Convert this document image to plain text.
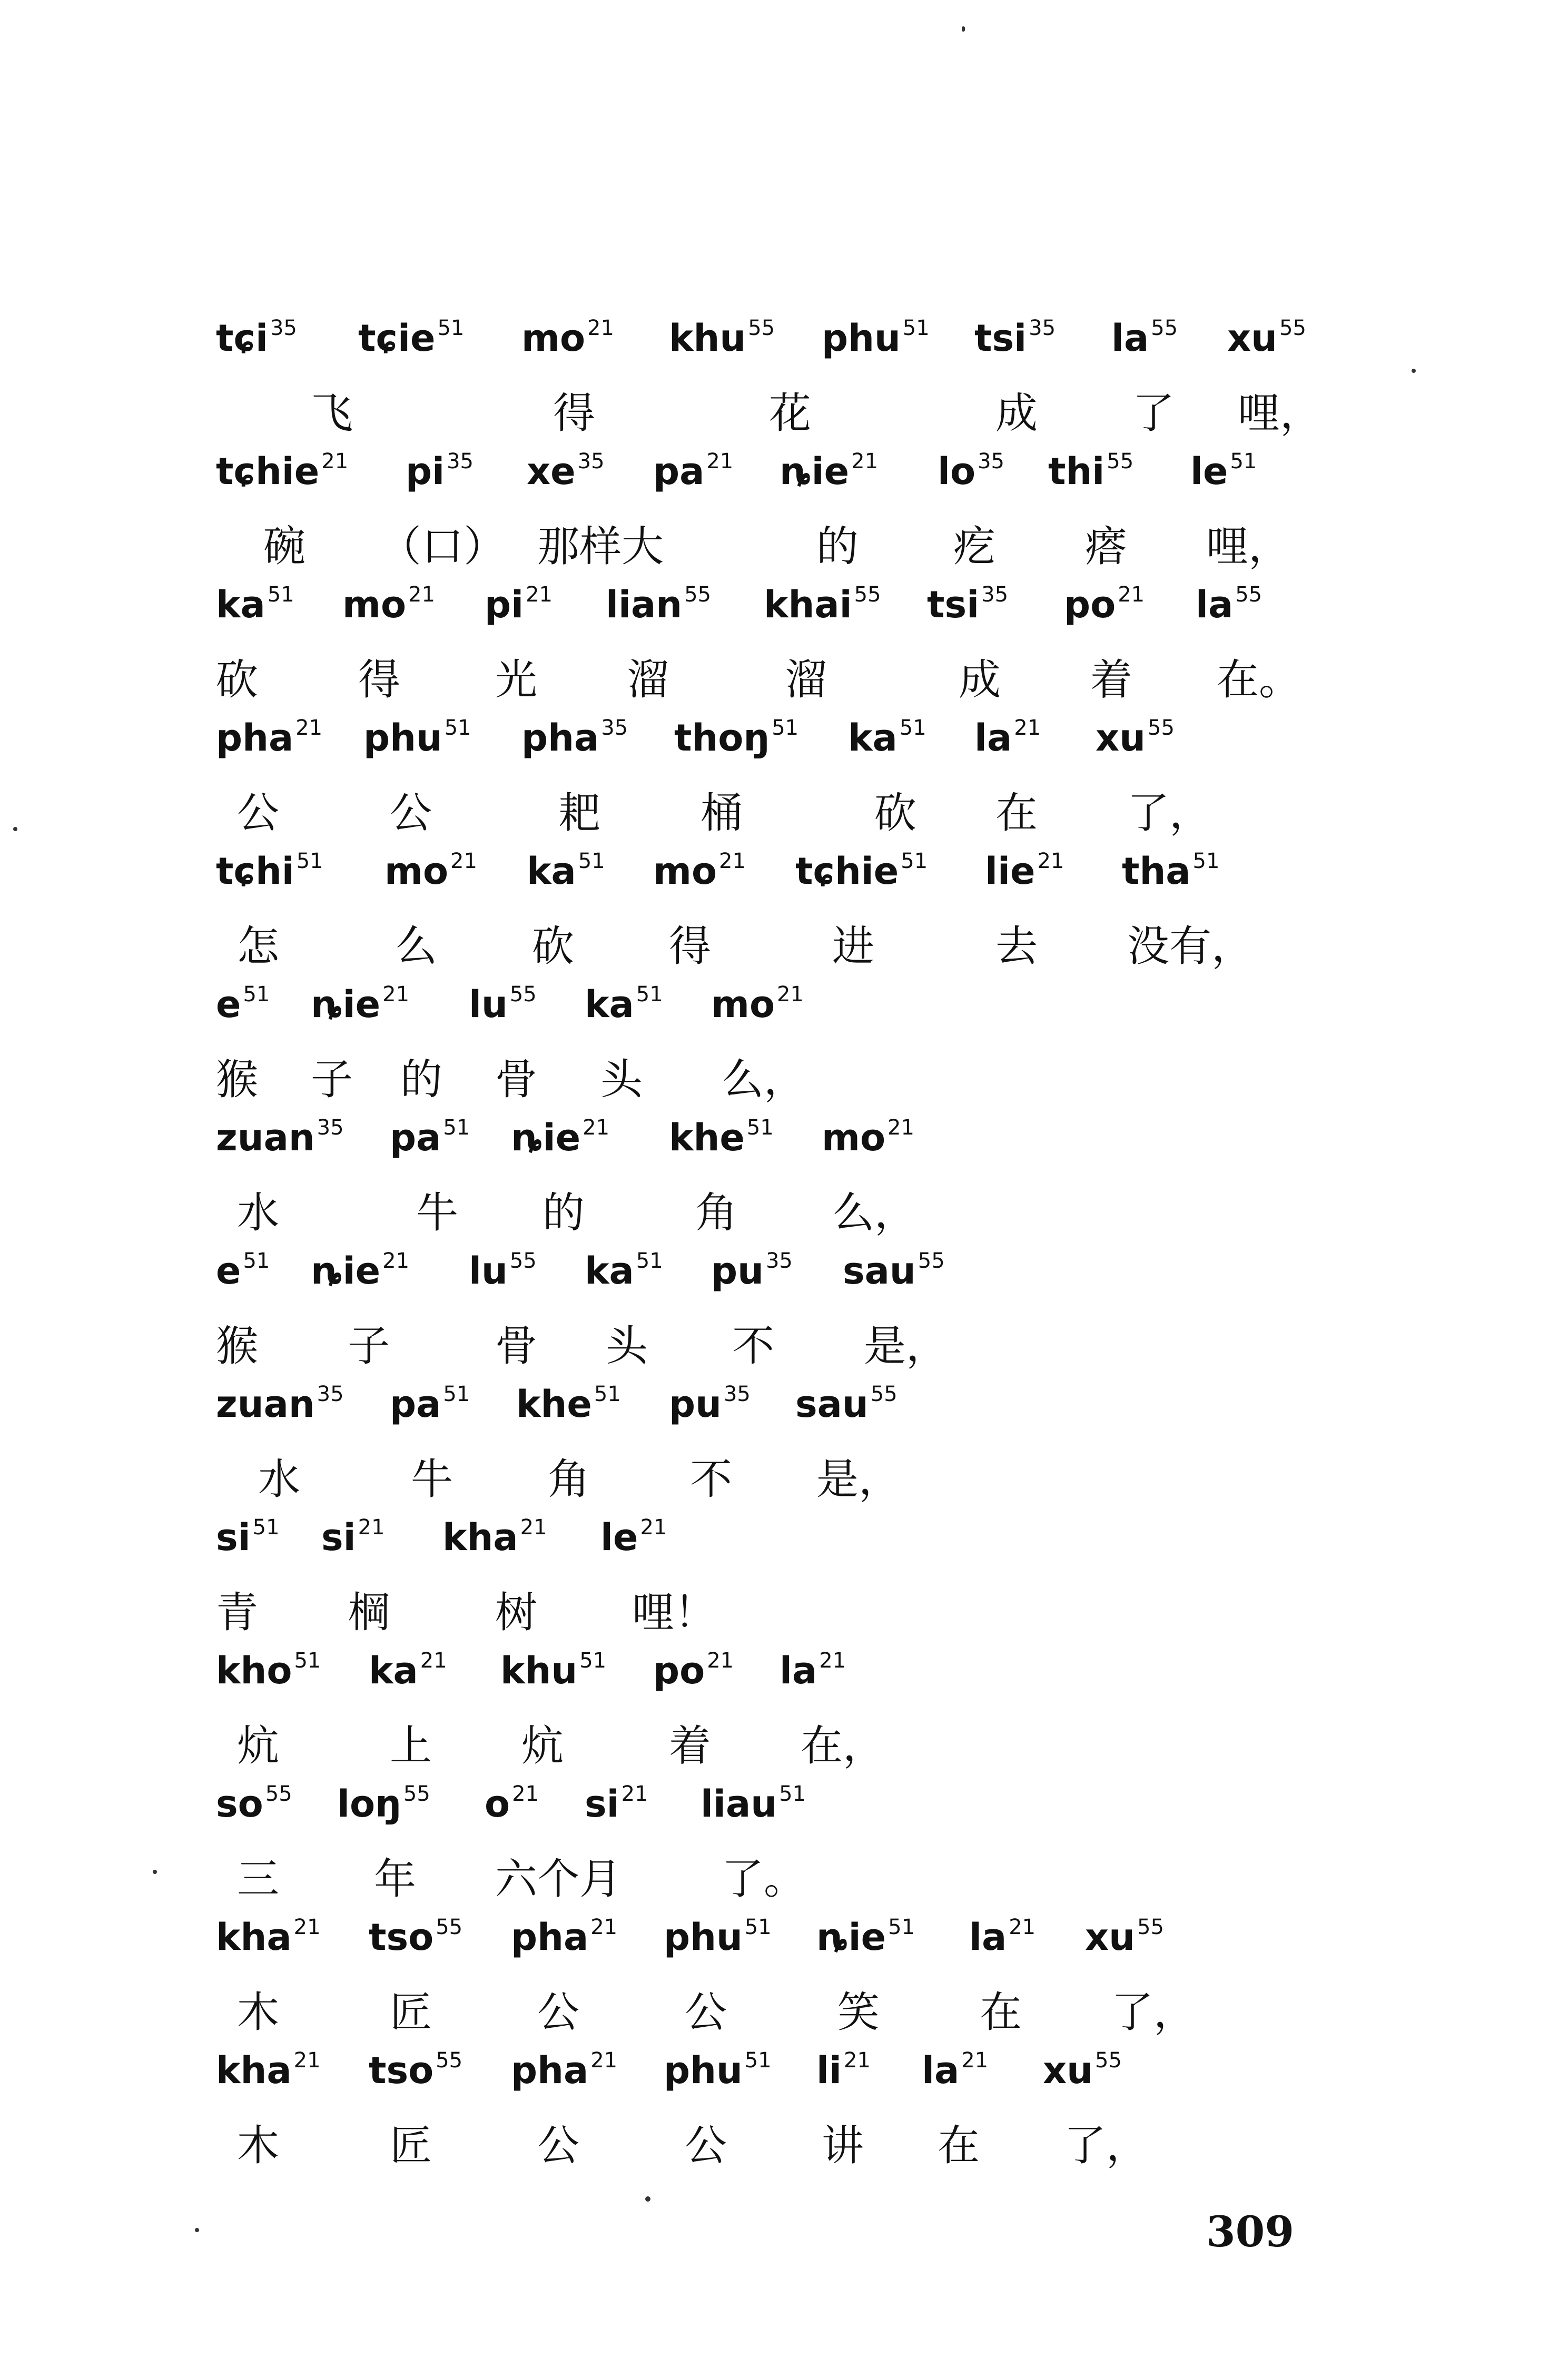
tɕi $^{35}$ tɕie $^{51}$ mo $^{21}$ khu $^{55}$ phu $^{51}$ tsi $^{35}$ la $^{55}$ xu $^{55}$
飞	得	花	成 了 哩，
tɕhie $^{21}$ pi $^{35}$ xe $^{35}$ pa $^{21}$ ȵie $^{21}$ lo $^{35}$ thi $^{55}$ le $^{51}$
碗 （口） 那样大	的 疙 瘩 哩，
ka $^{51}$ mo $^{21}$ pi $^{21}$ lian $^{55}$ khai $^{55}$ tsi $^{35}$ po $^{21}$ la $^{55}$
砍 得 光 溜	溜	成 着 在。
pha $^{21}$ phu $^{51}$ pha $^{35}$ thoŋ $^{51}$ ka $^{51}$ la $^{21}$ xu $^{55}$
公	公	耙 桶	砍 在 了，
tɕhi $^{51}$ mo $^{21}$ ka $^{51}$ mo $^{21}$ tɕhie $^{51}$ lie $^{21}$ tha $^{51}$
怎	么 砍 得	进	去 没有，
e $^{51}$ ȵie $^{21}$ lu $^{55}$ ka $^{51}$ mo $^{21}$
猴 子 的 骨 头 么，
zuan $^{35}$ pa $^{51}$ ȵie $^{21}$ khe $^{51}$ mo $^{21}$
水	牛 的	角 么，
e $^{51}$ ȵie $^{21}$ lu $^{55}$ ka $^{51}$ pu $^{35}$ sau $^{55}$
猴 子	骨 头 不 是，
zuan $^{35}$ pa $^{51}$ khe $^{51}$ pu $^{35}$ sau $^{55}$
水	牛 角 不 是，
si $^{51}$ si $^{21}$ kha $^{21}$ le $^{21}$
青 棡	树 哩！
kho $^{51}$ ka $^{21}$ khu $^{51}$ po $^{21}$ la $^{21}$
炕	上 炕	着 在，
so $^{55}$ loŋ $^{55}$ o $^{21}$ si $^{21}$ liau $^{51}$
三 年 六个月 了。
kha $^{21}$ tso $^{55}$ pha $^{21}$ phu $^{51}$ ȵie $^{51}$ la $^{21}$ xu $^{55}$
木	匠	公	公	笑 在 了，
kha $^{21}$ tso $^{55}$ pha $^{21}$ phu $^{51}$ li $^{21}$ la $^{21}$ xu $^{55}$
木	匠	公	公 讲 在 了，
309
